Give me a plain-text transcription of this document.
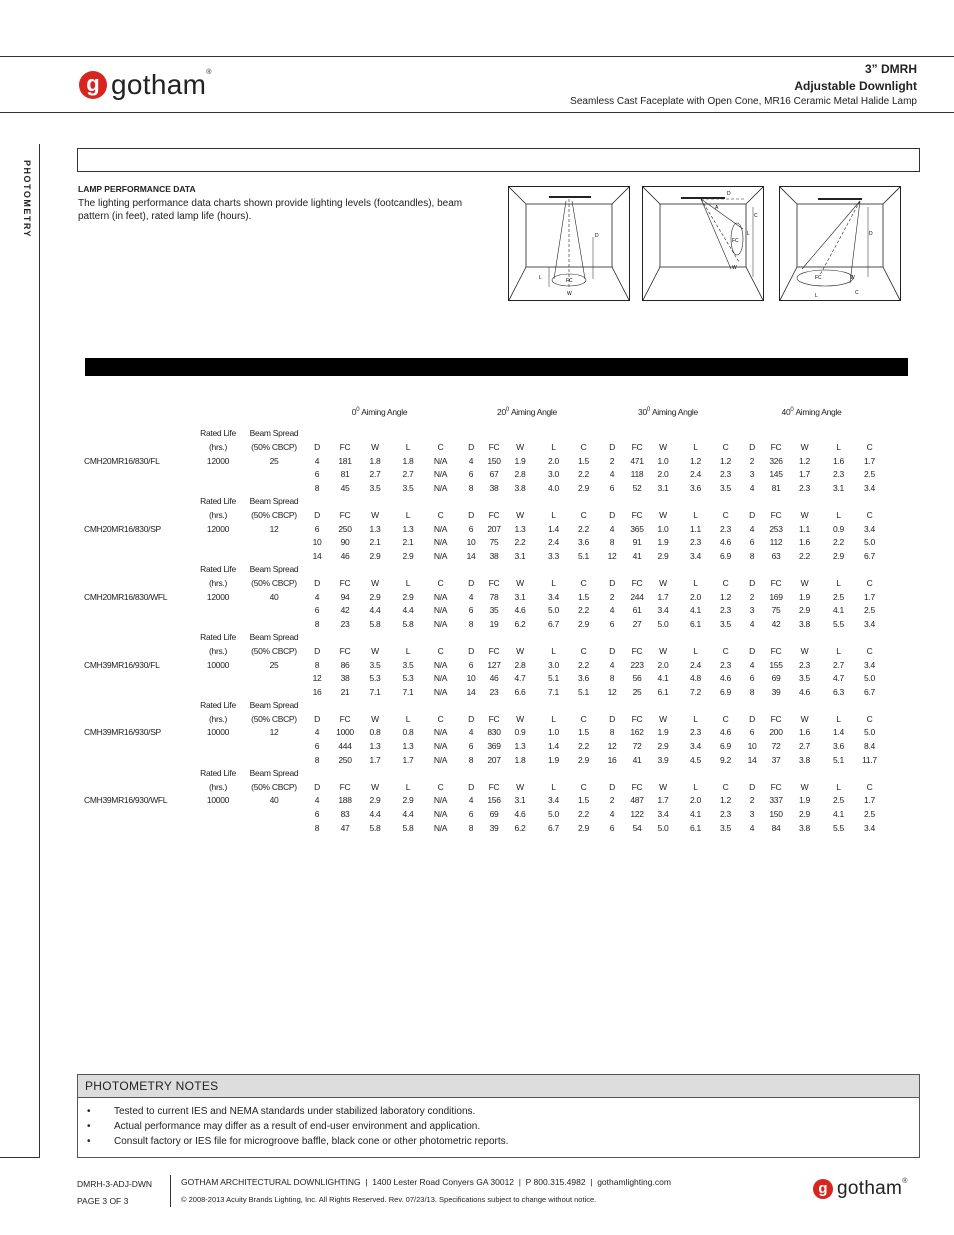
g gotham®	3” DMRH
Adjustable Downlight
Seamless Cast Faceplate with Open Cone, MR16 Ceramic Metal Halide Lamp
PHOTOMETRY	LAMP PERFORMANCE DATA
The lighting performance data charts shown provide lighting levels (footcandles), beam pattern (in feet), rated lamp life (hours).
D
L	FC
W
D
A
C
L
FC
W
D
FC	W
L	C
			$0^0$ Aiming Angle					$20^0$ Aiming Angle					$30^0$ Aiming Angle					$40^0$ Aiming Angle				

	Rated Life	Beam Spread																				
	(hrs.)	(50% CBCP)	D	FC	W	L	C	D	FC	W	L	C	D	FC	W	L	C	D	FC	W	L	C
CMH20MR16/830/FL	12000	25	4	181	1.8	1.8	N/A	4	150	1.9	2.0	1.5	2	471	1.0	1.2	1.2	2	326	1.2	1.6	1.7
			6	81	2.7	2.7	N/A	6	67	2.8	3.0	2.2	4	118	2.0	2.4	2.3	3	145	1.7	2.3	2.5
			8	45	3.5	3.5	N/A	8	38	3.8	4.0	2.9	6	52	3.1	3.6	3.5	4	81	2.3	3.1	3.4
	Rated Life	Beam Spread																				
	(hrs.)	(50% CBCP)	D	FC	W	L	C	D	FC	W	L	C	D	FC	W	L	C	D	FC	W	L	C
CMH20MR16/830/SP	12000	12	6	250	1.3	1.3	N/A	6	207	1.3	1.4	2.2	4	365	1.0	1.1	2.3	4	253	1.1	0.9	3.4
			10	90	2.1	2.1	N/A	10	75	2.2	2.4	3.6	8	91	1.9	2.3	4.6	6	112	1.6	2.2	5.0
			14	46	2.9	2.9	N/A	14	38	3.1	3.3	5.1	12	41	2.9	3.4	6.9	8	63	2.2	2.9	6.7
	Rated Life	Beam Spread																				
	(hrs.)	(50% CBCP)	D	FC	W	L	C	D	FC	W	L	C	D	FC	W	L	C	D	FC	W	L	C
CMH20MR16/830/WFL	12000	40	4	94	2.9	2.9	N/A	4	78	3.1	3.4	1.5	2	244	1.7	2.0	1.2	2	169	1.9	2.5	1.7
			6	42	4.4	4.4	N/A	6	35	4.6	5.0	2.2	4	61	3.4	4.1	2.3	3	75	2.9	4.1	2.5
			8	23	5.8	5.8	N/A	8	19	6.2	6.7	2.9	6	27	5.0	6.1	3.5	4	42	3.8	5.5	3.4
	Rated Life	Beam Spread																				
	(hrs.)	(50% CBCP)	D	FC	W	L	C	D	FC	W	L	C	D	FC	W	L	C	D	FC	W	L	C
CMH39MR16/930/FL	10000	25	8	86	3.5	3.5	N/A	6	127	2.8	3.0	2.2	4	223	2.0	2.4	2.3	4	155	2.3	2.7	3.4
			12	38	5.3	5.3	N/A	10	46	4.7	5.1	3.6	8	56	4.1	4.8	4.6	6	69	3.5	4.7	5.0
			16	21	7.1	7.1	N/A	14	23	6.6	7.1	5.1	12	25	6.1	7.2	6.9	8	39	4.6	6.3	6.7
	Rated Life	Beam Spread																				
	(hrs.)	(50% CBCP)	D	FC	W	L	C	D	FC	W	L	C	D	FC	W	L	C	D	FC	W	L	C
CMH39MR16/930/SP	10000	12	4	1000	0.8	0.8	N/A	4	830	0.9	1.0	1.5	8	162	1.9	2.3	4.6	6	200	1.6	1.4	5.0
			6	444	1.3	1.3	N/A	6	369	1.3	1.4	2.2	12	72	2.9	3.4	6.9	10	72	2.7	3.6	8.4
			8	250	1.7	1.7	N/A	8	207	1.8	1.9	2.9	16	41	3.9	4.5	9.2	14	37	3.8	5.1	11.7
	Rated Life	Beam Spread																				
	(hrs.)	(50% CBCP)	D	FC	W	L	C	D	FC	W	L	C	D	FC	W	L	C	D	FC	W	L	C
CMH39MR16/930/WFL	10000	40	4	188	2.9	2.9	N/A	4	156	3.1	3.4	1.5	2	487	1.7	2.0	1.2	2	337	1.9	2.5	1.7
			6	83	4.4	4.4	N/A	6	69	4.6	5.0	2.2	4	122	3.4	4.1	2.3	3	150	2.9	4.1	2.5
			8	47	5.8	5.8	N/A	8	39	6.2	6.7	2.9	6	54	5.0	6.1	3.5	4	84	3.8	5.5	3.4
PHOTOMETRY NOTES
• Tested to current IES and NEMA standards under stabilized laboratory conditions.
• Actual performance may differ as a result of end-user environment and application.
• Consult factory or IES file for microgroove baffle, black cone or other photometric reports.
DMRH-3-ADJ-DWN
PAGE 3 OF 3
GOTHAM ARCHITECTURAL DOWNLIGHTING  |  1400 Lester Road Conyers GA 30012  |  P 800.315.4982  |  gothamlighting.com
© 2008-2013 Acuity Brands Lighting, Inc. All Rights Reserved. Rev. 07/23/13. Specifications subject to change without notice.
g gotham®
